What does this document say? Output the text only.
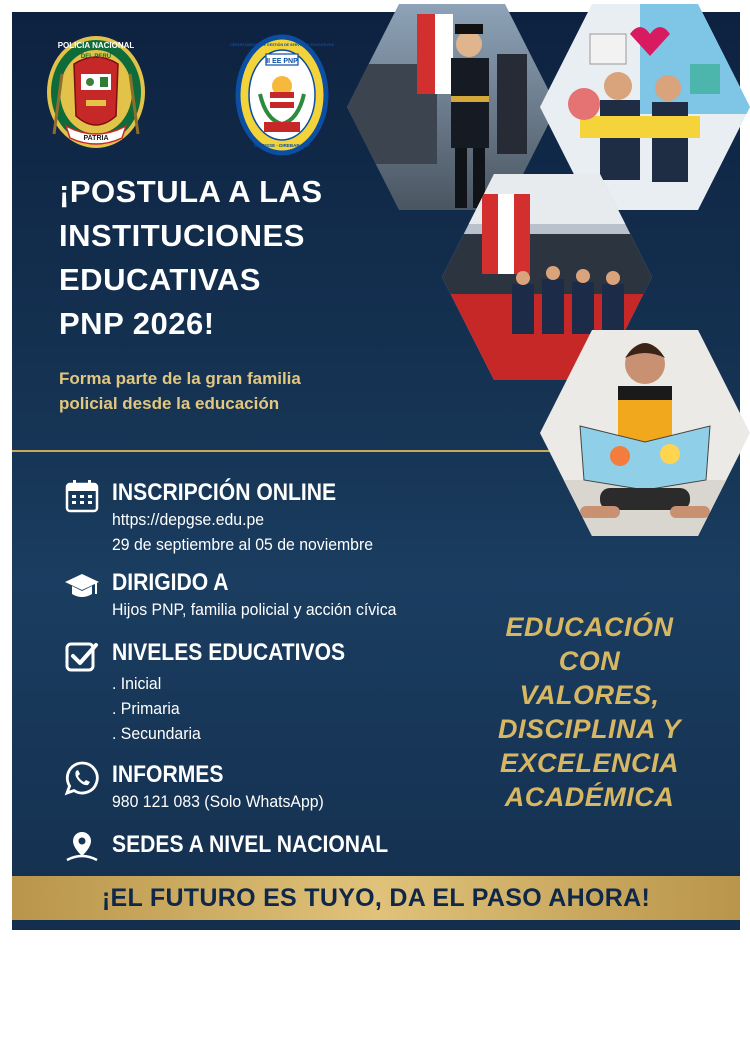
POLICIA NACIONAL
DEL PERU
PATRIA
II EE PNP
DEPARTAMENTO DE GESTIÓN DE SERVICIOS EDUCATIVOS
DIVBISSE - DIREBAP PNP
¡POSTULA A LAS
INSTITUCIONES
EDUCATIVAS
PNP 2026!
Forma parte de la gran familia
policial desde la educación
INSCRIPCIÓN ONLINE
https://depgse.edu.pe
29 de septiembre al 05 de noviembre
DIRIGIDO A
Hijos PNP, familia policial y acción cívica
NIVELES EDUCATIVOS
. Inicial
. Primaria
. Secundaria
INFORMES
980 121 083 (Solo WhatsApp)
SEDES A NIVEL NACIONAL
EDUCACIÓN
CON
VALORES,
DISCIPLINA Y
EXCELENCIA
ACADÉMICA
¡EL FUTURO ES TUYO, DA EL PASO AHORA!
